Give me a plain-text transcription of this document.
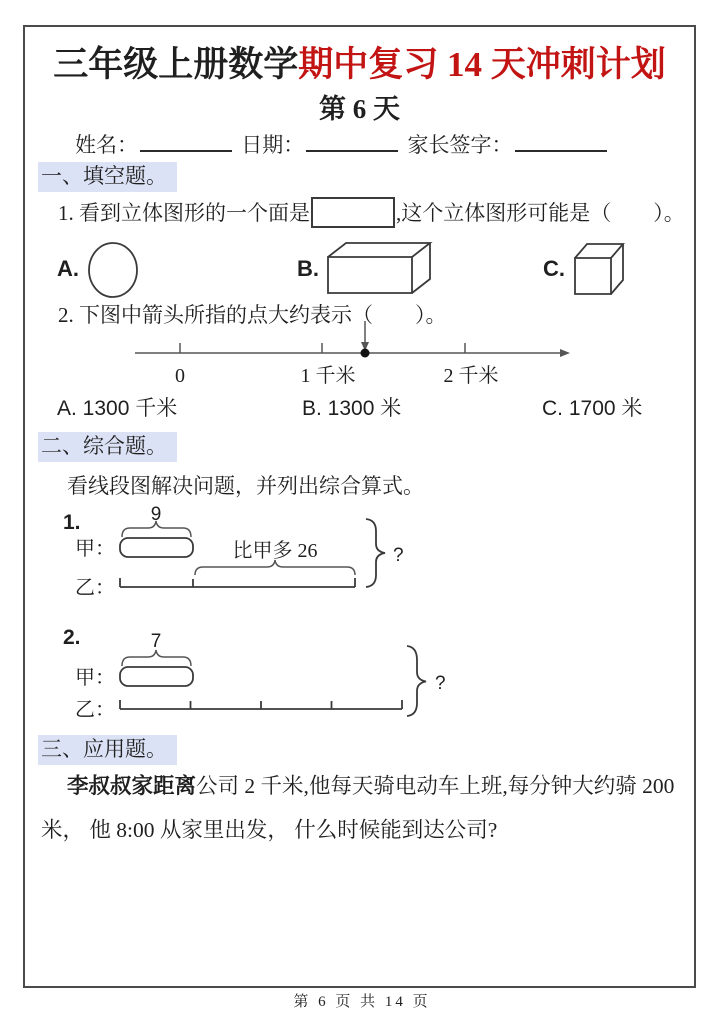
三年级上册数学期中复习 14 天冲刺计划
第 6 天
姓名：	日期：	家长签字：
一、填空题。
1. 看到立体图形的一个面是	,这个立体图形可能是（　　）。
A.	B.	C.
2. 下图中箭头所指的点大约表示（　　）。
0	1 千米	2 千米
A. 1300 千米	B. 1300 米	C. 1700 米
二、综合题。
看线段图解决问题，并列出综合算式。
1.	9
甲：	比甲多 26
乙：
?
2.	7
甲：
乙：
?
三、应用题。
李叔叔家距离公司 2 千米,他每天骑电动车上班,每分钟大约骑 200
米， 他 8:00 从家里出发， 什么时候能到达公司?
第 6 页 共 14 页
